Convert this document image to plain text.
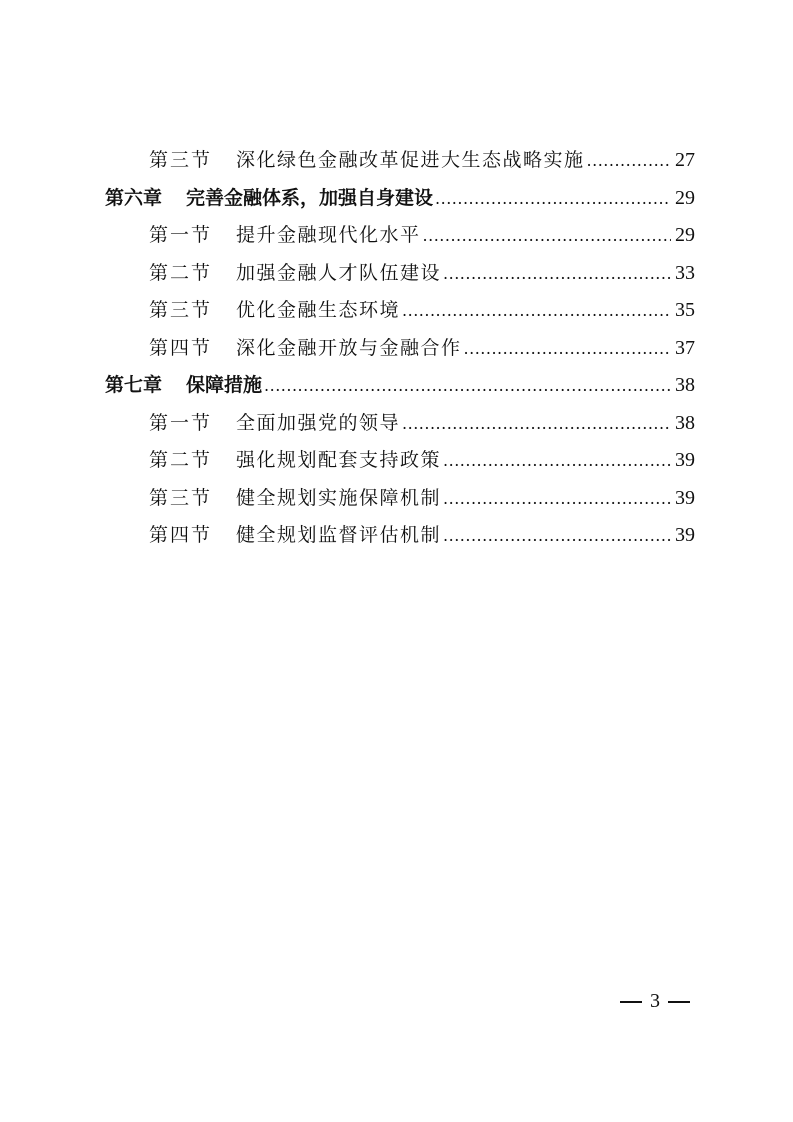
第三节 深化绿色金融改革促进大生态战略实施 .....	27
第六章 完善金融体系，加强自身建设 .....	29
第一节 提升金融现代化水平 .....	29
第二节 加强金融人才队伍建设 .....	33
第三节 优化金融生态环境 .....	35
第四节 深化金融开放与金融合作 .....	37
第七章 保障措施 .....	38
第一节 全面加强党的领导 .....	38
第二节 强化规划配套支持政策 .....	39
第三节 健全规划实施保障机制 .....	39
第四节 健全规划监督评估机制 .....	39
3
